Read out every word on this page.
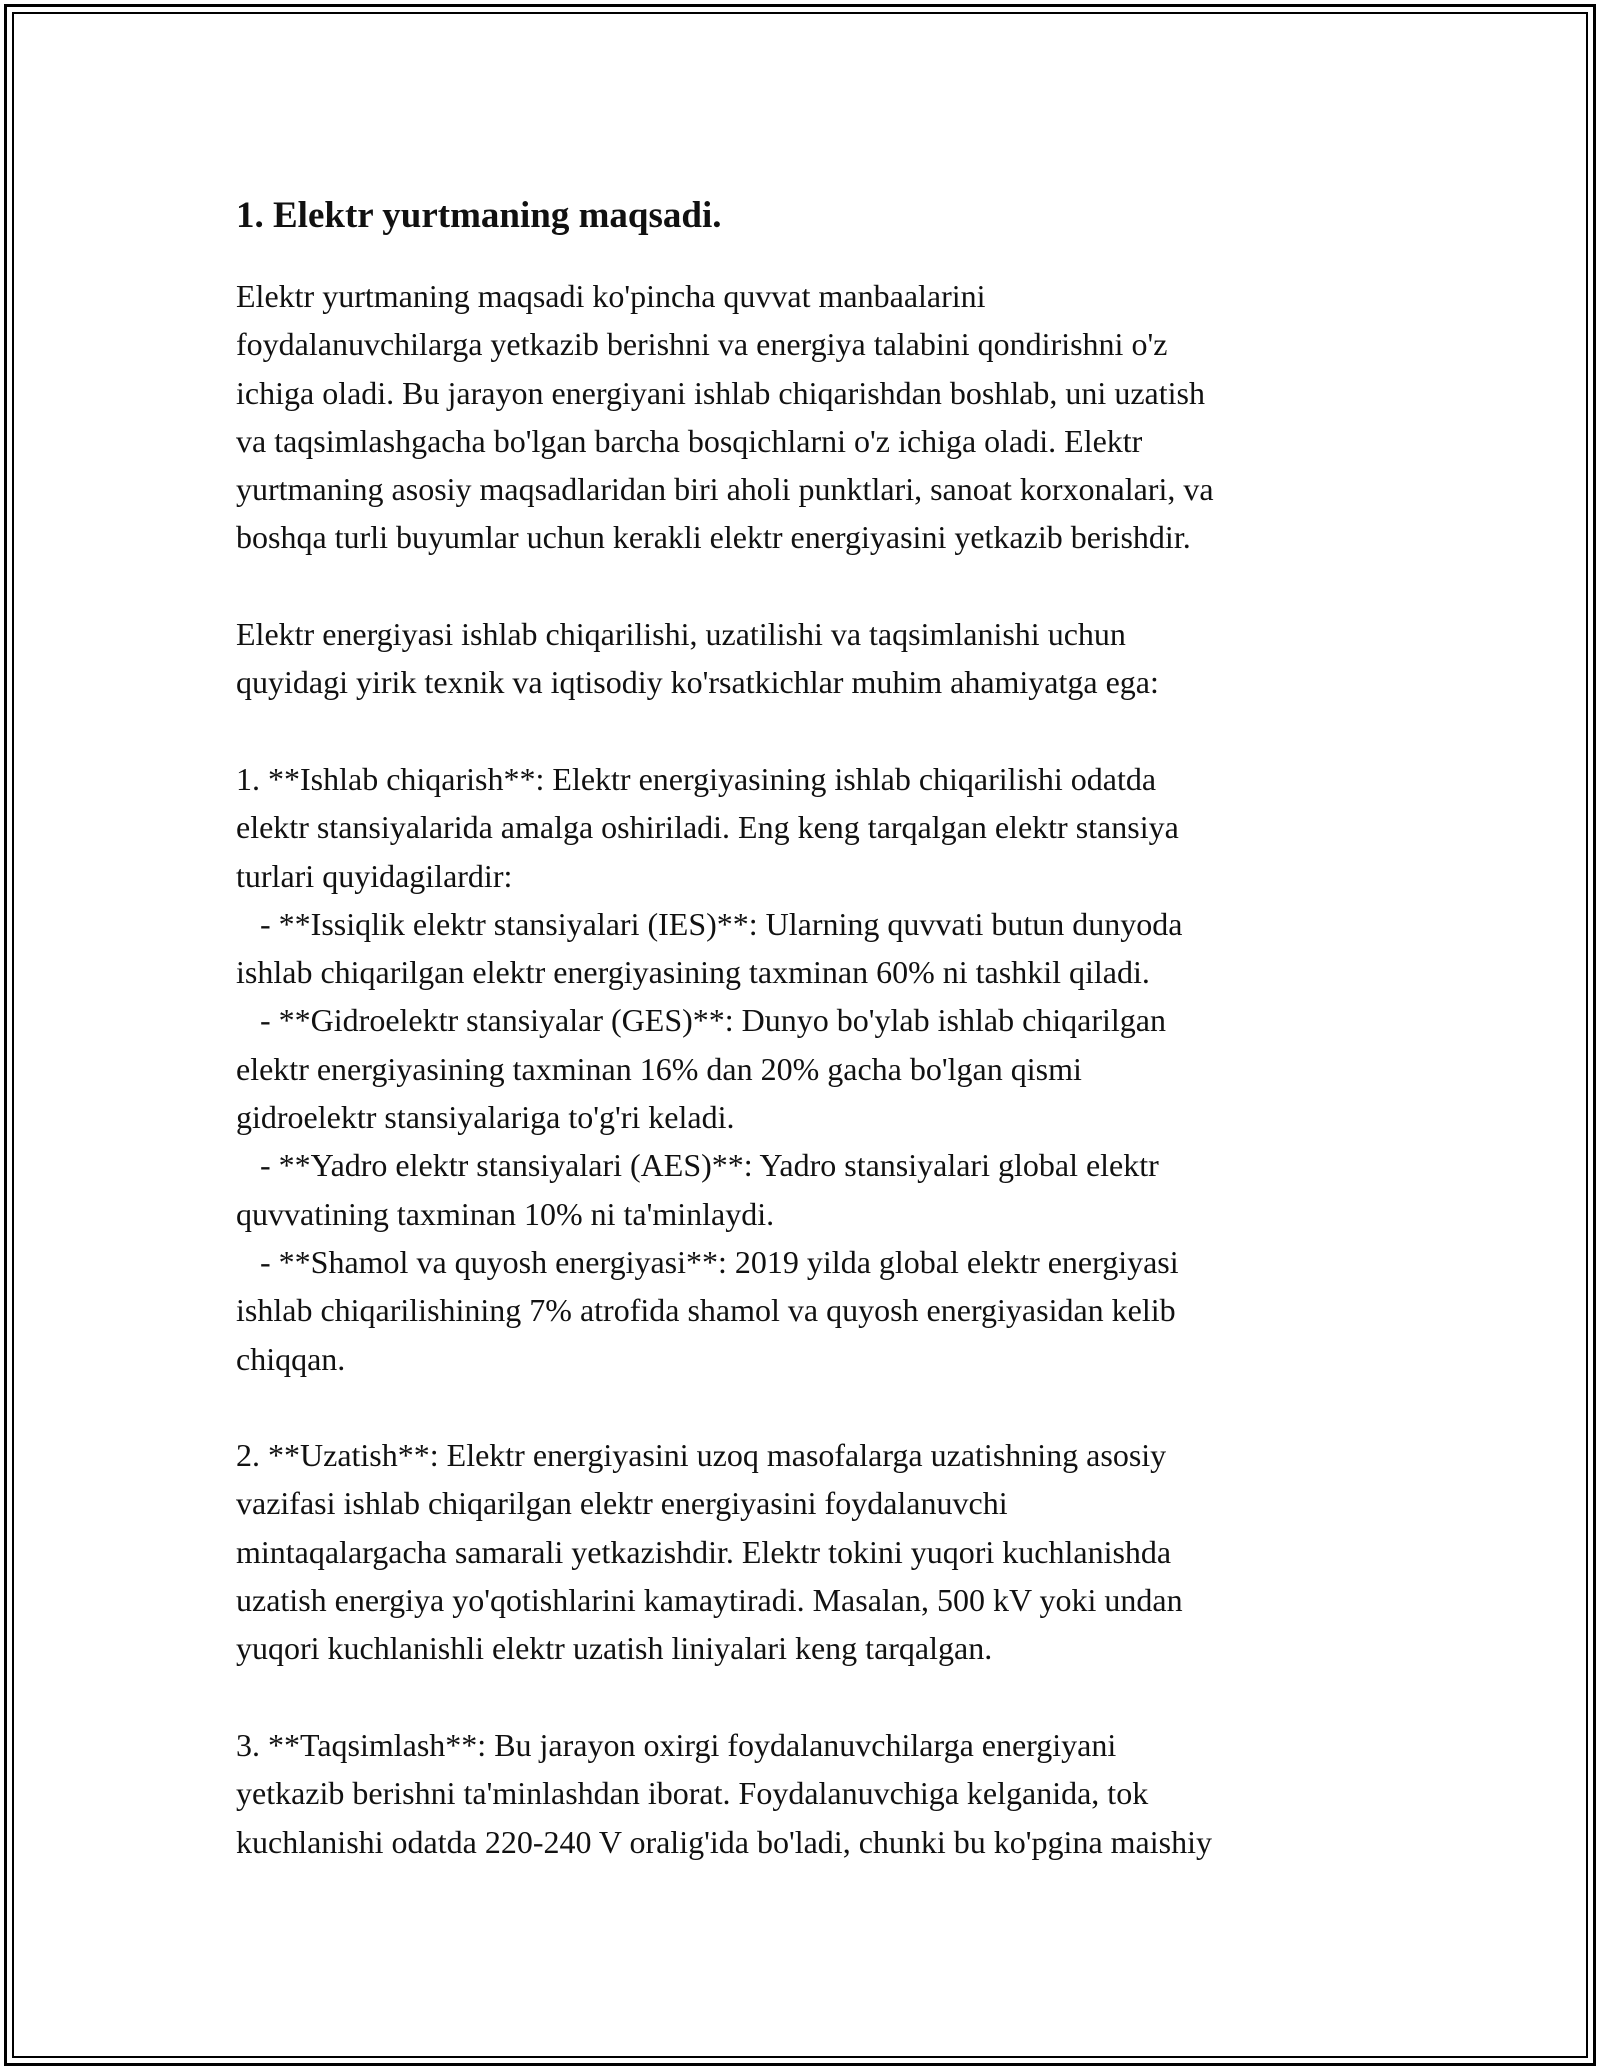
1. Elektr yurtmaning maqsadi.

Elektr yurtmaning maqsadi ko'pincha quvvat manbaalarini
foydalanuvchilarga yetkazib berishni va energiya talabini qondirishni o'z
ichiga oladi. Bu jarayon energiyani ishlab chiqarishdan boshlab, uni uzatish
va taqsimlashgacha bo'lgan barcha bosqichlarni o'z ichiga oladi. Elektr
yurtmaning asosiy maqsadlaridan biri aholi punktlari, sanoat korxonalari, va
boshqa turli buyumlar uchun kerakli elektr energiyasini yetkazib berishdir.

Elektr energiyasi ishlab chiqarilishi, uzatilishi va taqsimlanishi uchun
quyidagi yirik texnik va iqtisodiy ko'rsatkichlar muhim ahamiyatga ega:

1. **Ishlab chiqarish**: Elektr energiyasining ishlab chiqarilishi odatda
elektr stansiyalarida amalga oshiriladi. Eng keng tarqalgan elektr stansiya
turlari quyidagilardir:
- **Issiqlik elektr stansiyalari (IES)**: Ularning quvvati butun dunyoda
ishlab chiqarilgan elektr energiyasining taxminan 60% ni tashkil qiladi.
- **Gidroelektr stansiyalar (GES)**: Dunyo bo'ylab ishlab chiqarilgan
elektr energiyasining taxminan 16% dan 20% gacha bo'lgan qismi
gidroelektr stansiyalariga to'g'ri keladi.
- **Yadro elektr stansiyalari (AES)**: Yadro stansiyalari global elektr
quvvatining taxminan 10% ni ta'minlaydi.
- **Shamol va quyosh energiyasi**: 2019 yilda global elektr energiyasi
ishlab chiqarilishining 7% atrofida shamol va quyosh energiyasidan kelib
chiqqan.

2. **Uzatish**: Elektr energiyasini uzoq masofalarga uzatishning asosiy
vazifasi ishlab chiqarilgan elektr energiyasini foydalanuvchi
mintaqalargacha samarali yetkazishdir. Elektr tokini yuqori kuchlanishda
uzatish energiya yo'qotishlarini kamaytiradi. Masalan, 500 kV yoki undan
yuqori kuchlanishli elektr uzatish liniyalari keng tarqalgan.

3. **Taqsimlash**: Bu jarayon oxirgi foydalanuvchilarga energiyani
yetkazib berishni ta'minlashdan iborat. Foydalanuvchiga kelganida, tok
kuchlanishi odatda 220-240 V oralig'ida bo'ladi, chunki bu ko'pgina maishiy
